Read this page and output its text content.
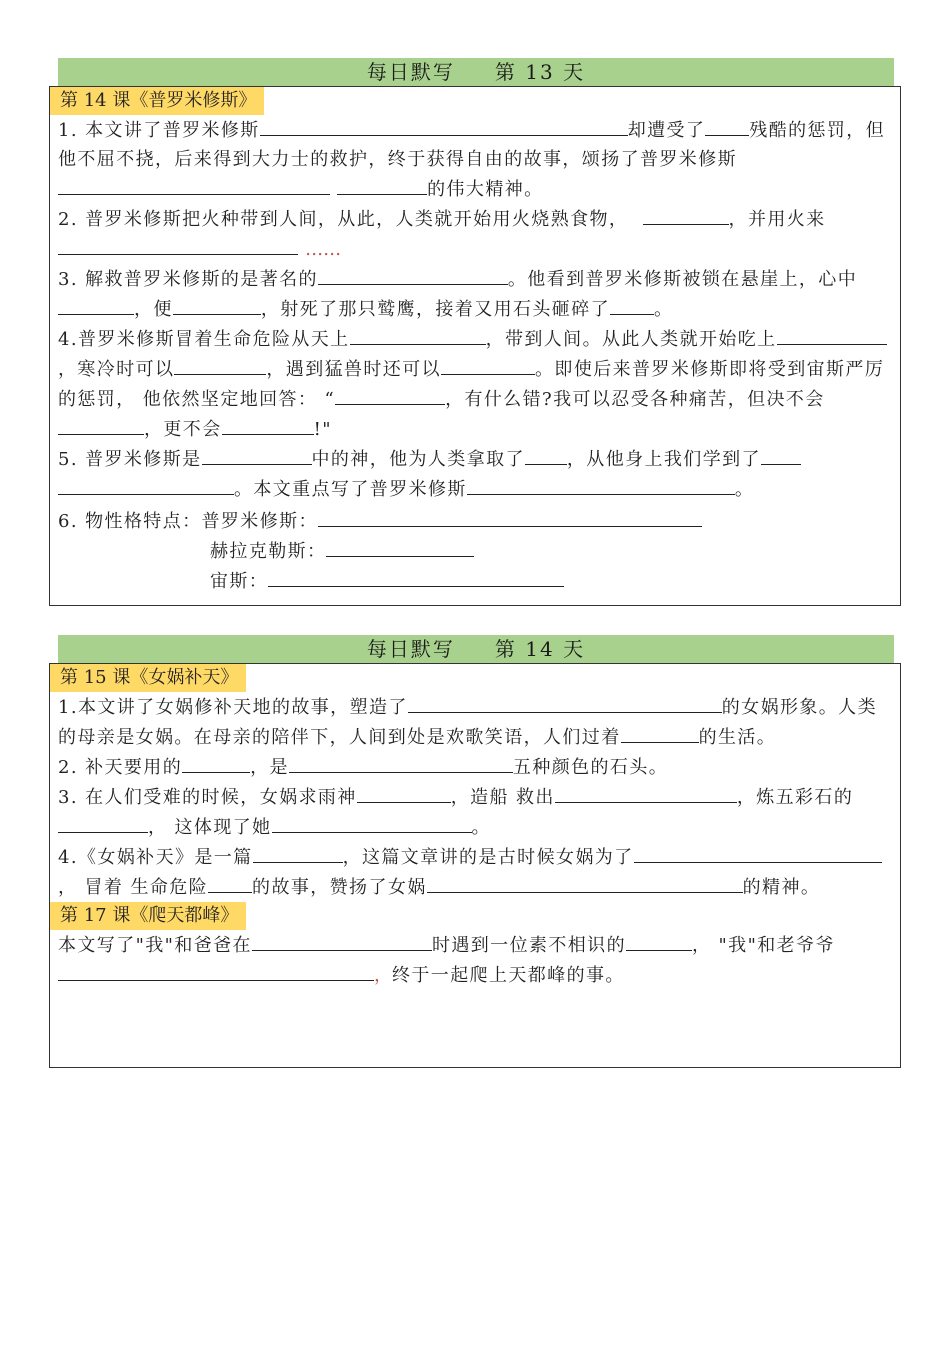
每日默写 第 13 天
第 14 课《普罗米修斯》

1. 本文讲了普罗米修斯	却遭受了 残酷的惩罚，但他不屈不挠，后来得到大力士的救护，终于获得自由的故事，颂扬了普罗米修斯 的伟大精神。

2. 普罗米修斯把火种带到人间，从此，人类就开始用火烧熟食物，	，并用火来 ……

3. 解救普罗米修斯的是著名的	。他看到普罗米修斯被锁在悬崖上，心中，便	，射死了那只鹫鹰，接着又用石头砸碎了 。

4.普罗米修斯冒着生命危险从天上	，带到人间。从此人类就开始吃上，寒冷时可以	，遇到猛兽时还可以	。即使后来普罗米修斯即将受到宙斯严厉的惩罚， 他依然坚定地回答： “	，有什么错?我可以忍受各种痛苦，但决不会，更不会	!"

5. 普罗米修斯是	中的神，他为人类拿取了 ，从他身上我们学到了。本文重点写了普罗米修斯	。

6. 物性格特点：普罗米修斯：

赫拉克勒斯：

宙斯：

每日默写 第 14 天
第 15 课《女娲补天》

1.本文讲了女娲修补天地的故事，塑造了	的女娲形象。人类的母亲是女娲。在母亲的陪伴下，人间到处是欢歌笑语，人们过着	的生活。

2. 补天要用的	，是	五种颜色的石头。

3. 在人们受难的时候，女娲求雨神	，造船 救出	，炼五彩石的， 这体现了她	。

4.《女娲补天》是一篇	，这篇文章讲的是古时候女娲为了， 冒着 生命危险 的故事，赞扬了女娲	的精神。

第 17 课《爬天都峰》

本文写了"我"和爸爸在	时遇到一位素不相识的	， "我"和老爷爷，终于一起爬上天都峰的事。
